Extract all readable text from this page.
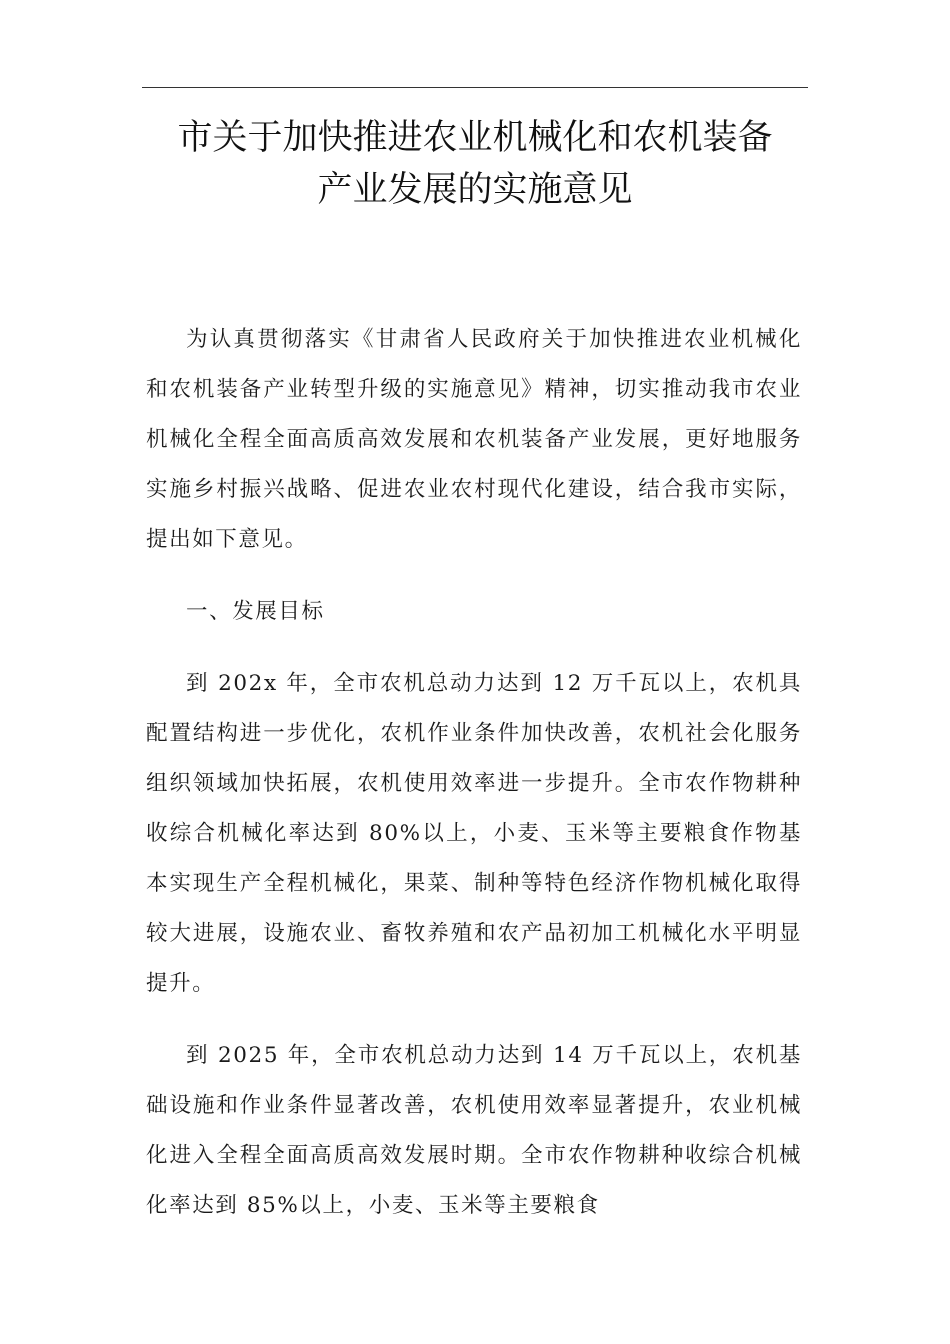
市关于加快推进农业机械化和农机装备
产业发展的实施意见

为认真贯彻落实《甘肃省人民政府关于加快推进农业机械化和农机装备产业转型升级的实施意见》精神，切实推动我市农业机械化全程全面高质高效发展和农机装备产业发展，更好地服务实施乡村振兴战略、促进农业农村现代化建设，结合我市实际，提出如下意见。

一、发展目标

到 202x 年，全市农机总动力达到 12 万千瓦以上，农机具配置结构进一步优化，农机作业条件加快改善，农机社会化服务组织领域加快拓展，农机使用效率进一步提升。全市农作物耕种收综合机械化率达到 80%以上，小麦、玉米等主要粮食作物基本实现生产全程机械化，果菜、制种等特色经济作物机械化取得较大进展，设施农业、畜牧养殖和农产品初加工机械化水平明显提升。

到 2025 年，全市农机总动力达到 14 万千瓦以上，农机基础设施和作业条件显著改善，农机使用效率显著提升，农业机械化进入全程全面高质高效发展时期。全市农作物耕种收综合机械化率达到 85%以上，小麦、玉米等主要粮食
